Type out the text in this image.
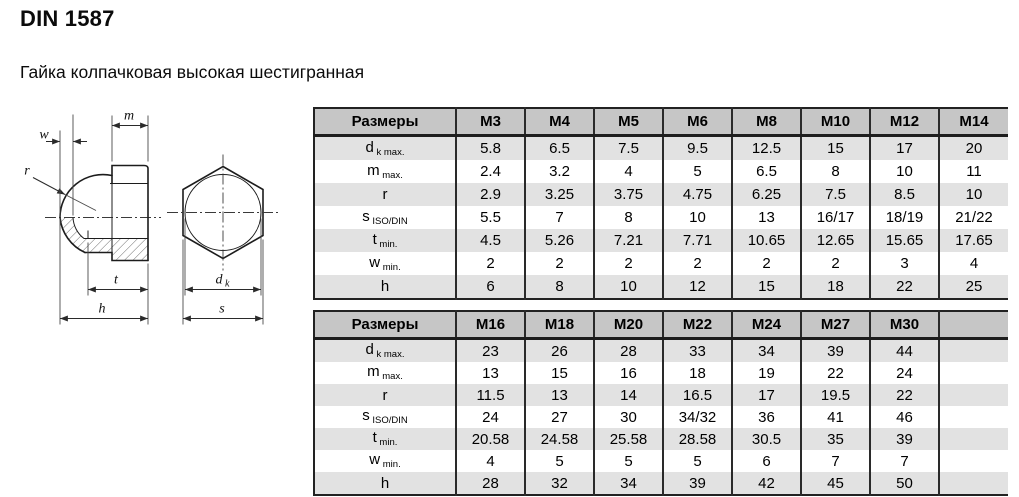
DIN 1587
Гайка колпачковая высокая шестигранная
w
m
r
t
h
d k
s
Размеры	M3	M4	M5	M6	M8	M10	M12	M14
d $_{k max.}$	5.8	6.5	7.5	9.5	12.5	15	17	20
m $_{max.}$	2.4	3.2	4	5	6.5	8	10	11
r	2.9	3.25	3.75	4.75	6.25	7.5	8.5	10
s $_{ISO/DIN}$	5.5	7	8	10	13	16/17	18/19	21/22
t $_{min.}$	4.5	5.26	7.21	7.71	10.65	12.65	15.65	17.65
w $_{min.}$	2	2	2	2	2	2	3	4
h	6	8	10	12	15	18	22	25
Размеры	M16	M18	M20	M22	M24	M27	M30	
d $_{k max.}$	23	26	28	33	34	39	44	
m $_{max.}$	13	15	16	18	19	22	24	
r	11.5	13	14	16.5	17	19.5	22	
s $_{ISO/DIN}$	24	27	30	34/32	36	41	46	
t $_{min.}$	20.58	24.58	25.58	28.58	30.5	35	39	
w $_{min.}$	4	5	5	5	6	7	7	
h	28	32	34	39	42	45	50	
